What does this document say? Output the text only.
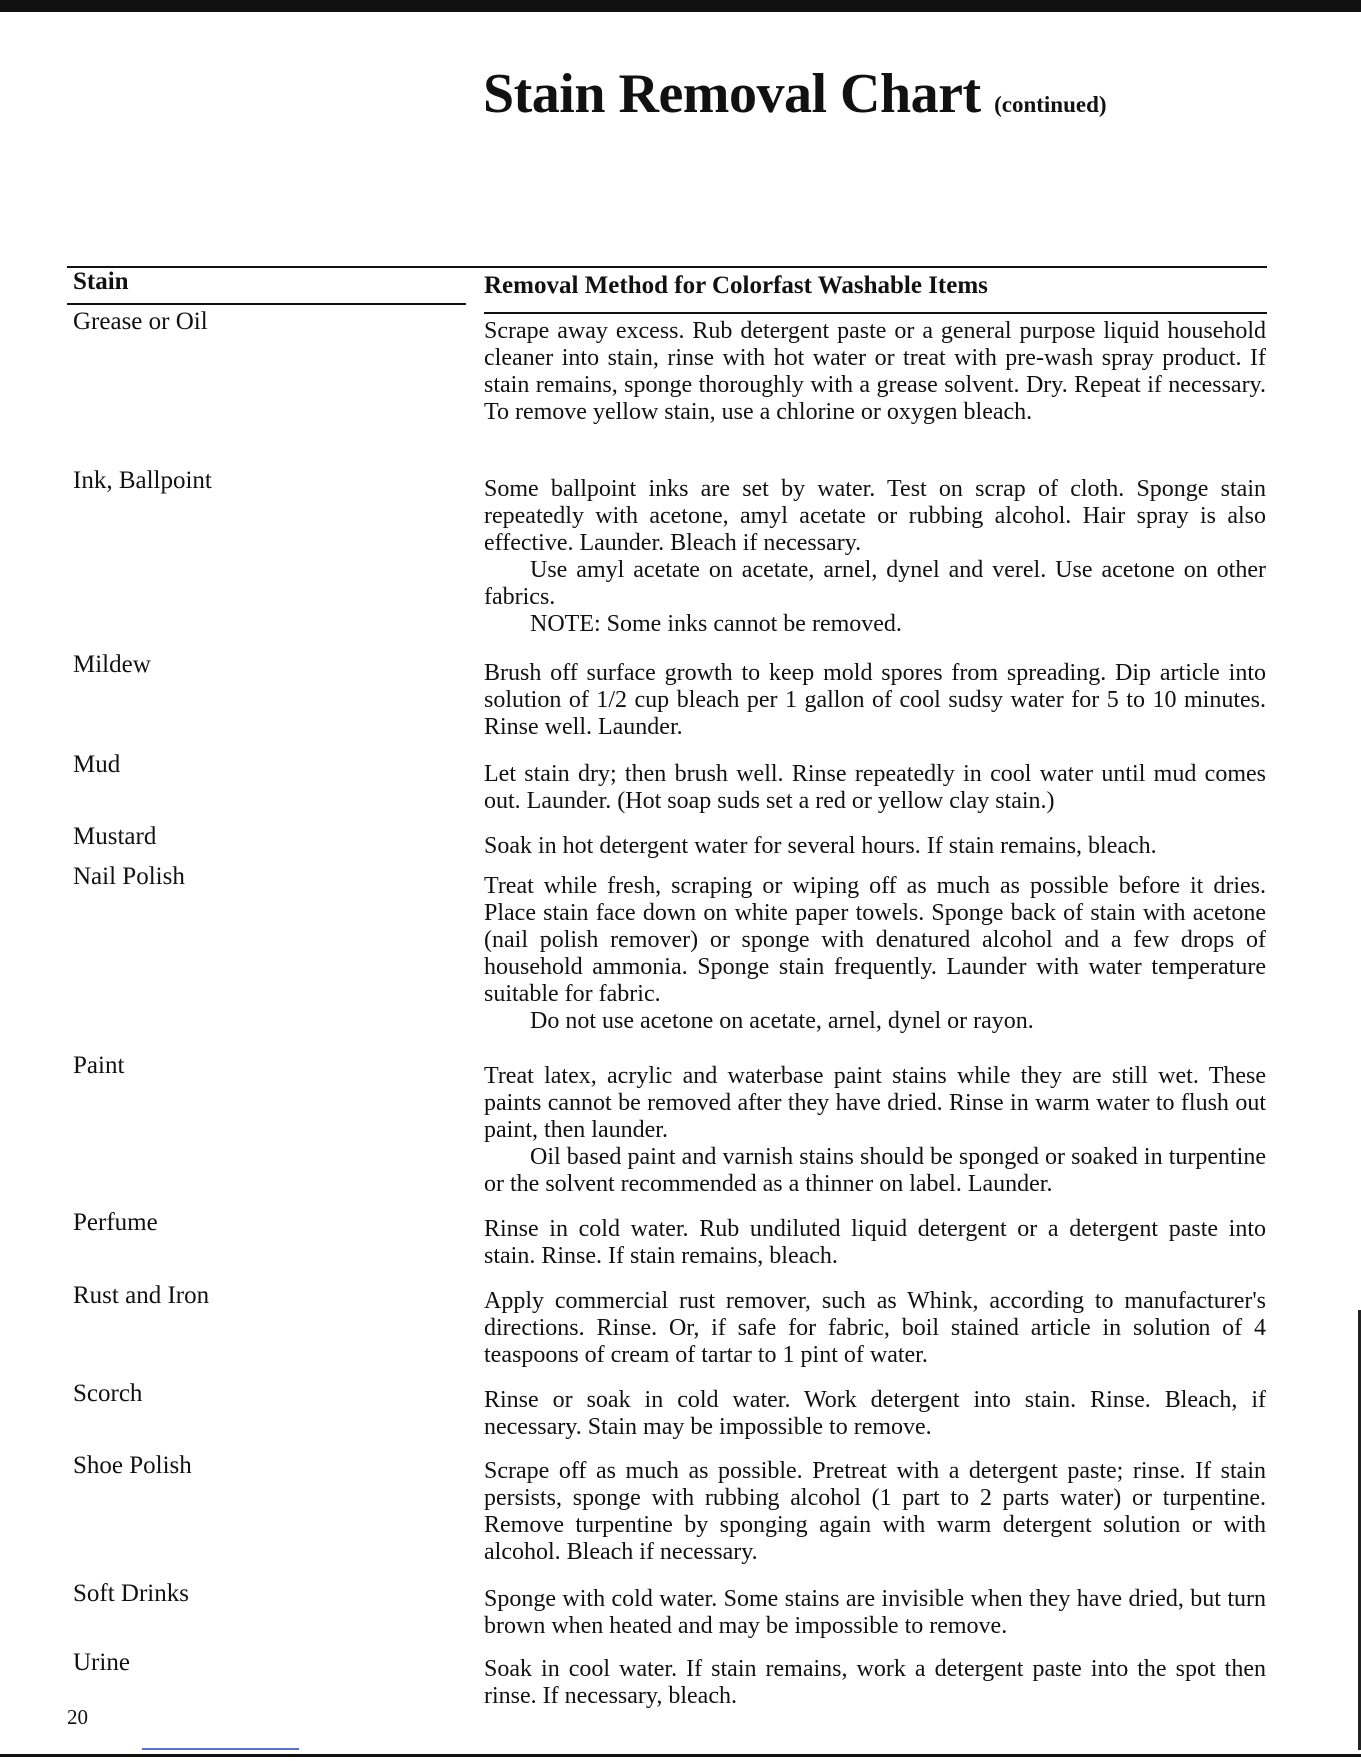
Stain Removal Chart (continued)
Stain	Removal Method for Colorfast Washable Items
Grease or Oil	Scrape away excess. Rub detergent paste or a general purpose liquid household cleaner into stain, rinse with hot water or treat with pre-wash spray product. If stain remains, sponge thoroughly with a grease solvent. Dry. Repeat if necessary. To remove yellow stain, use a chlorine or oxygen bleach.

Ink, Ballpoint	Some ballpoint inks are set by water. Test on scrap of cloth. Sponge stain repeatedly with acetone, amyl acetate or rubbing alcohol. Hair spray is also effective. Launder. Bleach if necessary.

Use amyl acetate on acetate, arnel, dynel and verel. Use acetone on other fabrics.

NOTE: Some inks cannot be removed.

Mildew	Brush off surface growth to keep mold spores from spreading. Dip article into solution of 1/2 cup bleach per 1 gallon of cool sudsy water for 5 to 10 minutes. Rinse well. Launder.

Mud	Let stain dry; then brush well. Rinse repeatedly in cool water until mud comes out. Launder. (Hot soap suds set a red or yellow clay stain.)

Mustard	Soak in hot detergent water for several hours. If stain remains, bleach.

Nail Polish	Treat while fresh, scraping or wiping off as much as possible before it dries. Place stain face down on white paper towels. Sponge back of stain with acetone (nail polish remover) or sponge with denatured alcohol and a few drops of household ammonia. Sponge stain frequently. Launder with water temperature suitable for fabric.

Do not use acetone on acetate, arnel, dynel or rayon.

Paint	Treat latex, acrylic and waterbase paint stains while they are still wet. These paints cannot be removed after they have dried. Rinse in warm water to flush out paint, then launder.

Oil based paint and varnish stains should be sponged or soaked in turpentine or the solvent recommended as a thinner on label. Launder.

Perfume	Rinse in cold water. Rub undiluted liquid detergent or a detergent paste into stain. Rinse. If stain remains, bleach.

Rust and Iron	Apply commercial rust remover, such as Whink, according to manufacturer's directions. Rinse. Or, if safe for fabric, boil stained article in solution of 4 teaspoons of cream of tartar to 1 pint of water.

Scorch	Rinse or soak in cold water. Work detergent into stain. Rinse. Bleach, if necessary. Stain may be impossible to remove.

Shoe Polish	Scrape off as much as possible. Pretreat with a detergent paste; rinse. If stain persists, sponge with rubbing alcohol (1 part to 2 parts water) or turpentine. Remove turpentine by sponging again with warm detergent solution or with alcohol. Bleach if necessary.

Soft Drinks	Sponge with cold water. Some stains are invisible when they have dried, but turn brown when heated and may be impossible to remove.

Urine	Soak in cool water. If stain remains, work a detergent paste into the spot then rinse. If necessary, bleach.

20
